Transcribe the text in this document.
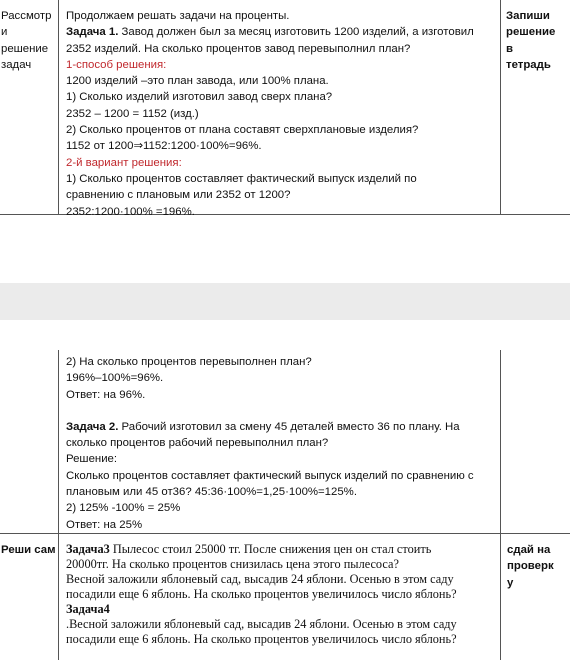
Рассмотр
и
решение
задач
Запиши
решение
в
тетрадь
Продолжаем решать задачи на проценты.
Задача 1. Завод должен был за месяц изготовить 1200 изделий, а изготовил
2352 изделий. На сколько процентов завод перевыполнил план?
1-способ решения:
1200 изделий –это план завода, или 100% плана.
1) Сколько изделий изготовил завод сверх плана?
2352 – 1200 = 1152 (изд.)
2) Сколько процентов от плана составят сверхплановые изделия?
1152 от 1200⇒1152:1200·100%=96%.
2-й вариант решения:
1) Сколько процентов составляет фактический выпуск изделий по
сравнению с плановым или 2352 от 1200?
2352:1200·100% =196%.
2) На сколько процентов перевыполнен план?
196%–100%=96%.
Ответ: на 96%.
Задача 2. Рабочий изготовил за смену 45 деталей вместо 36 по плану. На
сколько процентов рабочий перевыполнил план?
Решение:
Сколько процентов составляет фактический выпуск изделий по сравнению с
плановым или 45 от36? 45:36·100%=1,25·100%=125%.
2) 125% -100% = 25%
Ответ: на 25%
Реши сам	сдай на
проверк
у
Задача3 Пылесос стоил 25000 тг. После снижения цен он стал стоить
20000тг. На сколько процентов снизилась цена этого пылесоса?
Весной заложили яблоневый сад, высадив 24 яблони. Осенью в этом саду
посадили еще 6 яблонь. На сколько процентов увеличилось число яблонь?
Задача4
.Весной заложили яблоневый сад, высадив 24 яблони. Осенью в этом саду
посадили еще 6 яблонь. На сколько процентов увеличилось число яблонь?
